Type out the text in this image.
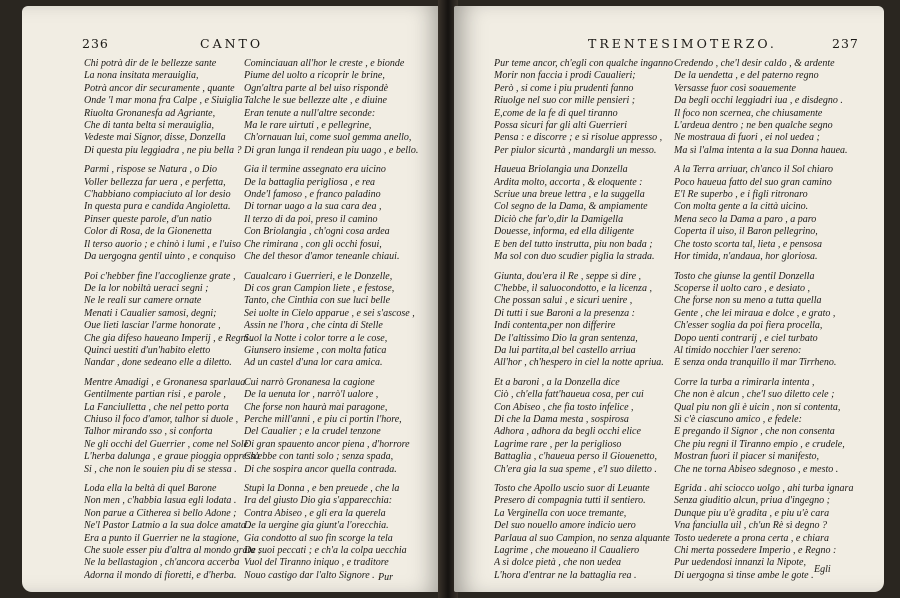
236	CANTO
Chi potrà dir de le bellezze sante
La nona insitata merauiglia,
Potrà ancor dir securamente , quante
Onde 'l mar mona fra Calpe , e Siuiglia
Riuolta Gronanesfa ad Agriante,
Che di tanta belta si merauiglia,
Vedeste mai Signor, disse, Donzella
Di questa piu leggiadra , ne piu bella ?
Parmi , rispose se Natura , o Dio
Voller bellezza far uera , e perfetta,
C'habbiano compiaciuto al lor desio
In questa pura e candida Angioletta.
Pinser queste parole, d'un natio
Color di Rosa, de la Gionenetta
Il terso auorio ; e chinò i lumi , e l'uiso
Da uergogna gentil uinto , e conquiso
Poi c'hebber fine l'accoglienze grate ,
De la lor nobiltà ueraci segni ;
Ne le reali sur camere ornate
Menati i Caualier samosi, degni;
Oue lieti lasciar l'arme honorate ,
Che gia difeso haueano Imperij , e Regni .
Quinci uestiti d'un'habito eletto
Nandar , done sedeano elle a diletto.
Mentre Amadigi , e Gronanesa sparlaua
Gentilmente partian risi , e parole ,
La Fanciulletta , che nel petto porta
Chiuso il foco d'amor, talhor si duole ,
Talhor mirando sso , si conforta
Ne gli occhi del Guerrier , come nel Sole
L'herba dalunga , e graue pioggia oppressa
Si , che non le souien piu di se stessa .
Loda ella la beltà di quel Barone
Non men , c'habbia lasua egli lodata .
Non parue a Citherea sì bello Adone ;
Ne'l Pastor Latmio a la sua dolce amata .
Era a punto il Guerrier ne la stagione,
Che suole esser piu d'altra al mondo grata ;
Ne la bellastagion , ch'ancora accerba
Adorna il mondo di fioretti, e d'herba.
Cominciauan all'hor le creste , e bionde
Piume del uolto a ricoprir le brine,
Ogn'altra parte al bel uiso rispondè
Talche le sue bellezze alte , e diuine
Eran tenute a null'altre seconde:
Ma le rare uirtuti , e pellegrine,
Ch'ornauan lui, come suol gemma anello,
Di gran lunga il rendean piu uago , e bello.
Gia il termine assegnato era uicino
De la battaglia perigliosa , e rea
Onde'l famoso , e franco paladino
Di tornar uago a la sua cara dea ,
Il terzo di da poi, preso il camino
Con Briolangia , ch'ogni cosa ardea
Che rimirana , con gli occhi fosui,
Che del thesor d'amor teneanle chiaui.
Caualcaro i Guerrieri, e le Donzelle,
Di cos gran Campion liete , e festose,
Tanto, che Cinthia con sue luci belle
Sei uolte in Cielo apparue , e sei s'ascose ,
Assin ne l'hora , che cinta di Stelle
Suol la Notte i color torre a le cose,
Giunsero insieme , con molta fatica
Ad un castel d'una lor cara amica.
Cui narrò Gronanesa la cagione
De la uenuta lor , narrò'l ualore ,
Che forse non haurà mai paragone,
Perche mill'anni , e piu ci portin l'hore,
Del Caualier ; e la crudel tenzone
Di gran spauento ancor piena , d'horrore
Ch'ebbe con tanti solo ; senza spada,
Di che sospira ancor quella contrada.
Stupì la Donna , e ben preuede , che la
Ira del giusto Dio gia s'apparecchia:
Contra Abiseo , e gli era la querela
De la uergine gia giunt'a l'orecchia.
Gia condotto al suo fin scorge la tela
De suoi peccati ; e ch'a la colpa uecchia
Vuol del Tiranno iniquo , e traditore
Nouo castigo dar l'alto Signore . Pur
TRENTESIMOTERZO.	237
Pur teme ancor, ch'egli con qualche inganno
Morir non faccia i prodi Caualieri;
Però , si come i piu prudenti fanno
Riuolge nel suo cor mille pensieri ;
E,come de la fe di quel tiranno
Possa sicuri far gli alti Guerrieri
Pensa : e discorre ; e si risolue appresso ,
Per piulor sicurtà , mandargli un messo.
Haueua Briolangia una Donzella
Ardita molto, accorta , & eloquente :
Scriue una breue lettra , e la suggella
Col segno de la Dama, & ampiamente
Diciò che far'o,dir la Damigella
Douesse, informa, ed ella diligente
E ben del tutto instrutta, piu non bada ;
Ma sol con duo scudier piglia la strada.
Giunta, dou'era il Re , seppe sì dire ,
C'hebbe, il saluocondotto, e la licenza ,
Che possan salui , e sicuri uenire ,
Di tutti i sue Baroni a la presenza :
Indi contenta,per non differire
De l'altissimo Dio la gran sentenza,
Da lui partita,al bel castello arriua
All'hor , ch'hespero in ciel la notte apriua.
Et a baroni , a la Donzella dice
Ciò , ch'ella fatt'haueua cosa, per cui
Con Abiseo , che fia tosto infelice ,
Di che la Dama mesta , sospirosa
Adhora , adhora da begli occhi elice
Lagrime rare , per la periglioso
Battaglia , c'haueua perso il Giouenetto,
Ch'era gia la sua speme , e'l suo diletto .
Tosto che Apollo uscio suor di Leuante
Presero di compagnia tutti il sentiero.
La Verginella con uoce tremante,
Del suo nouello amore indicio uero
Parlaua al suo Campion, no senza alquante
Lagrime , che moueano il Caualiero
A sì dolce pietà , che non uedea
L'hora d'entrar ne la battaglia rea .
Credendo , che'l desir caldo , & ardente
De la uendetta , e del paterno regno
Versasse fuor così soauemente
Da begli occhi leggiadri iua , e disdegno .
Il foco non scernea, che chiusamente
L'ardeua dentro ; ne ben qualche segno
Ne mostraua di fuori , ei nol uedea ;
Ma sì l'alma intenta a la sua Donna hauea.
A la Terra arriuar, ch'anco il Sol chiaro
Poco haueua fatto del suo gran camino
E'l Re superbo , e i figli ritronaro
Con molta gente a la città uicino.
Mena seco la Dama a paro , a paro
Coperta il uiso, il Baron pellegrino,
Che tosto scorta tal, lieta , e pensosa
Hor timida, n'andaua, hor gloriosa.
Tosto che giunse la gentil Donzella
Scoperse il uolto caro , e desiato ,
Che forse non su meno a tutta quella
Gente , che lei miraua e dolce , e grato ,
Ch'esser soglia da poi fiera procella,
Dopo uenti contrarij , e ciel turbato
Al timido nocchier l'aer sereno:
E senza onda tranquillo il mar Tirrheno.
Corre la turba a rimirarla intenta ,
Che non è alcun , che'l suo diletto cele ;
Qual piu non gli è uicin , non si contenta,
Sì c'è ciascuno amico , e fedele:
E pregando il Signor , che non consenta
Che piu regni il Tiranno empio , e crudele,
Mostran fuori il piacer si manifesto,
Che ne torna Abiseo sdegnoso , e mesto .
Egrida . ahi sciocco uolgo , ahi turba ignara
Senza giuditio alcun, priua d'ingegno ;
Dunque piu u'è gradita , e piu u'è cara
Vna fanciulla uil , ch'un Rè sì degno ?
Tosto uederete a prona certa , e chiara
Chi merta possedere Imperio , e Regno :
Pur uedendosi innanzi la Nipote,
Di uergogna sì tinse ambe le gote .
Egli
